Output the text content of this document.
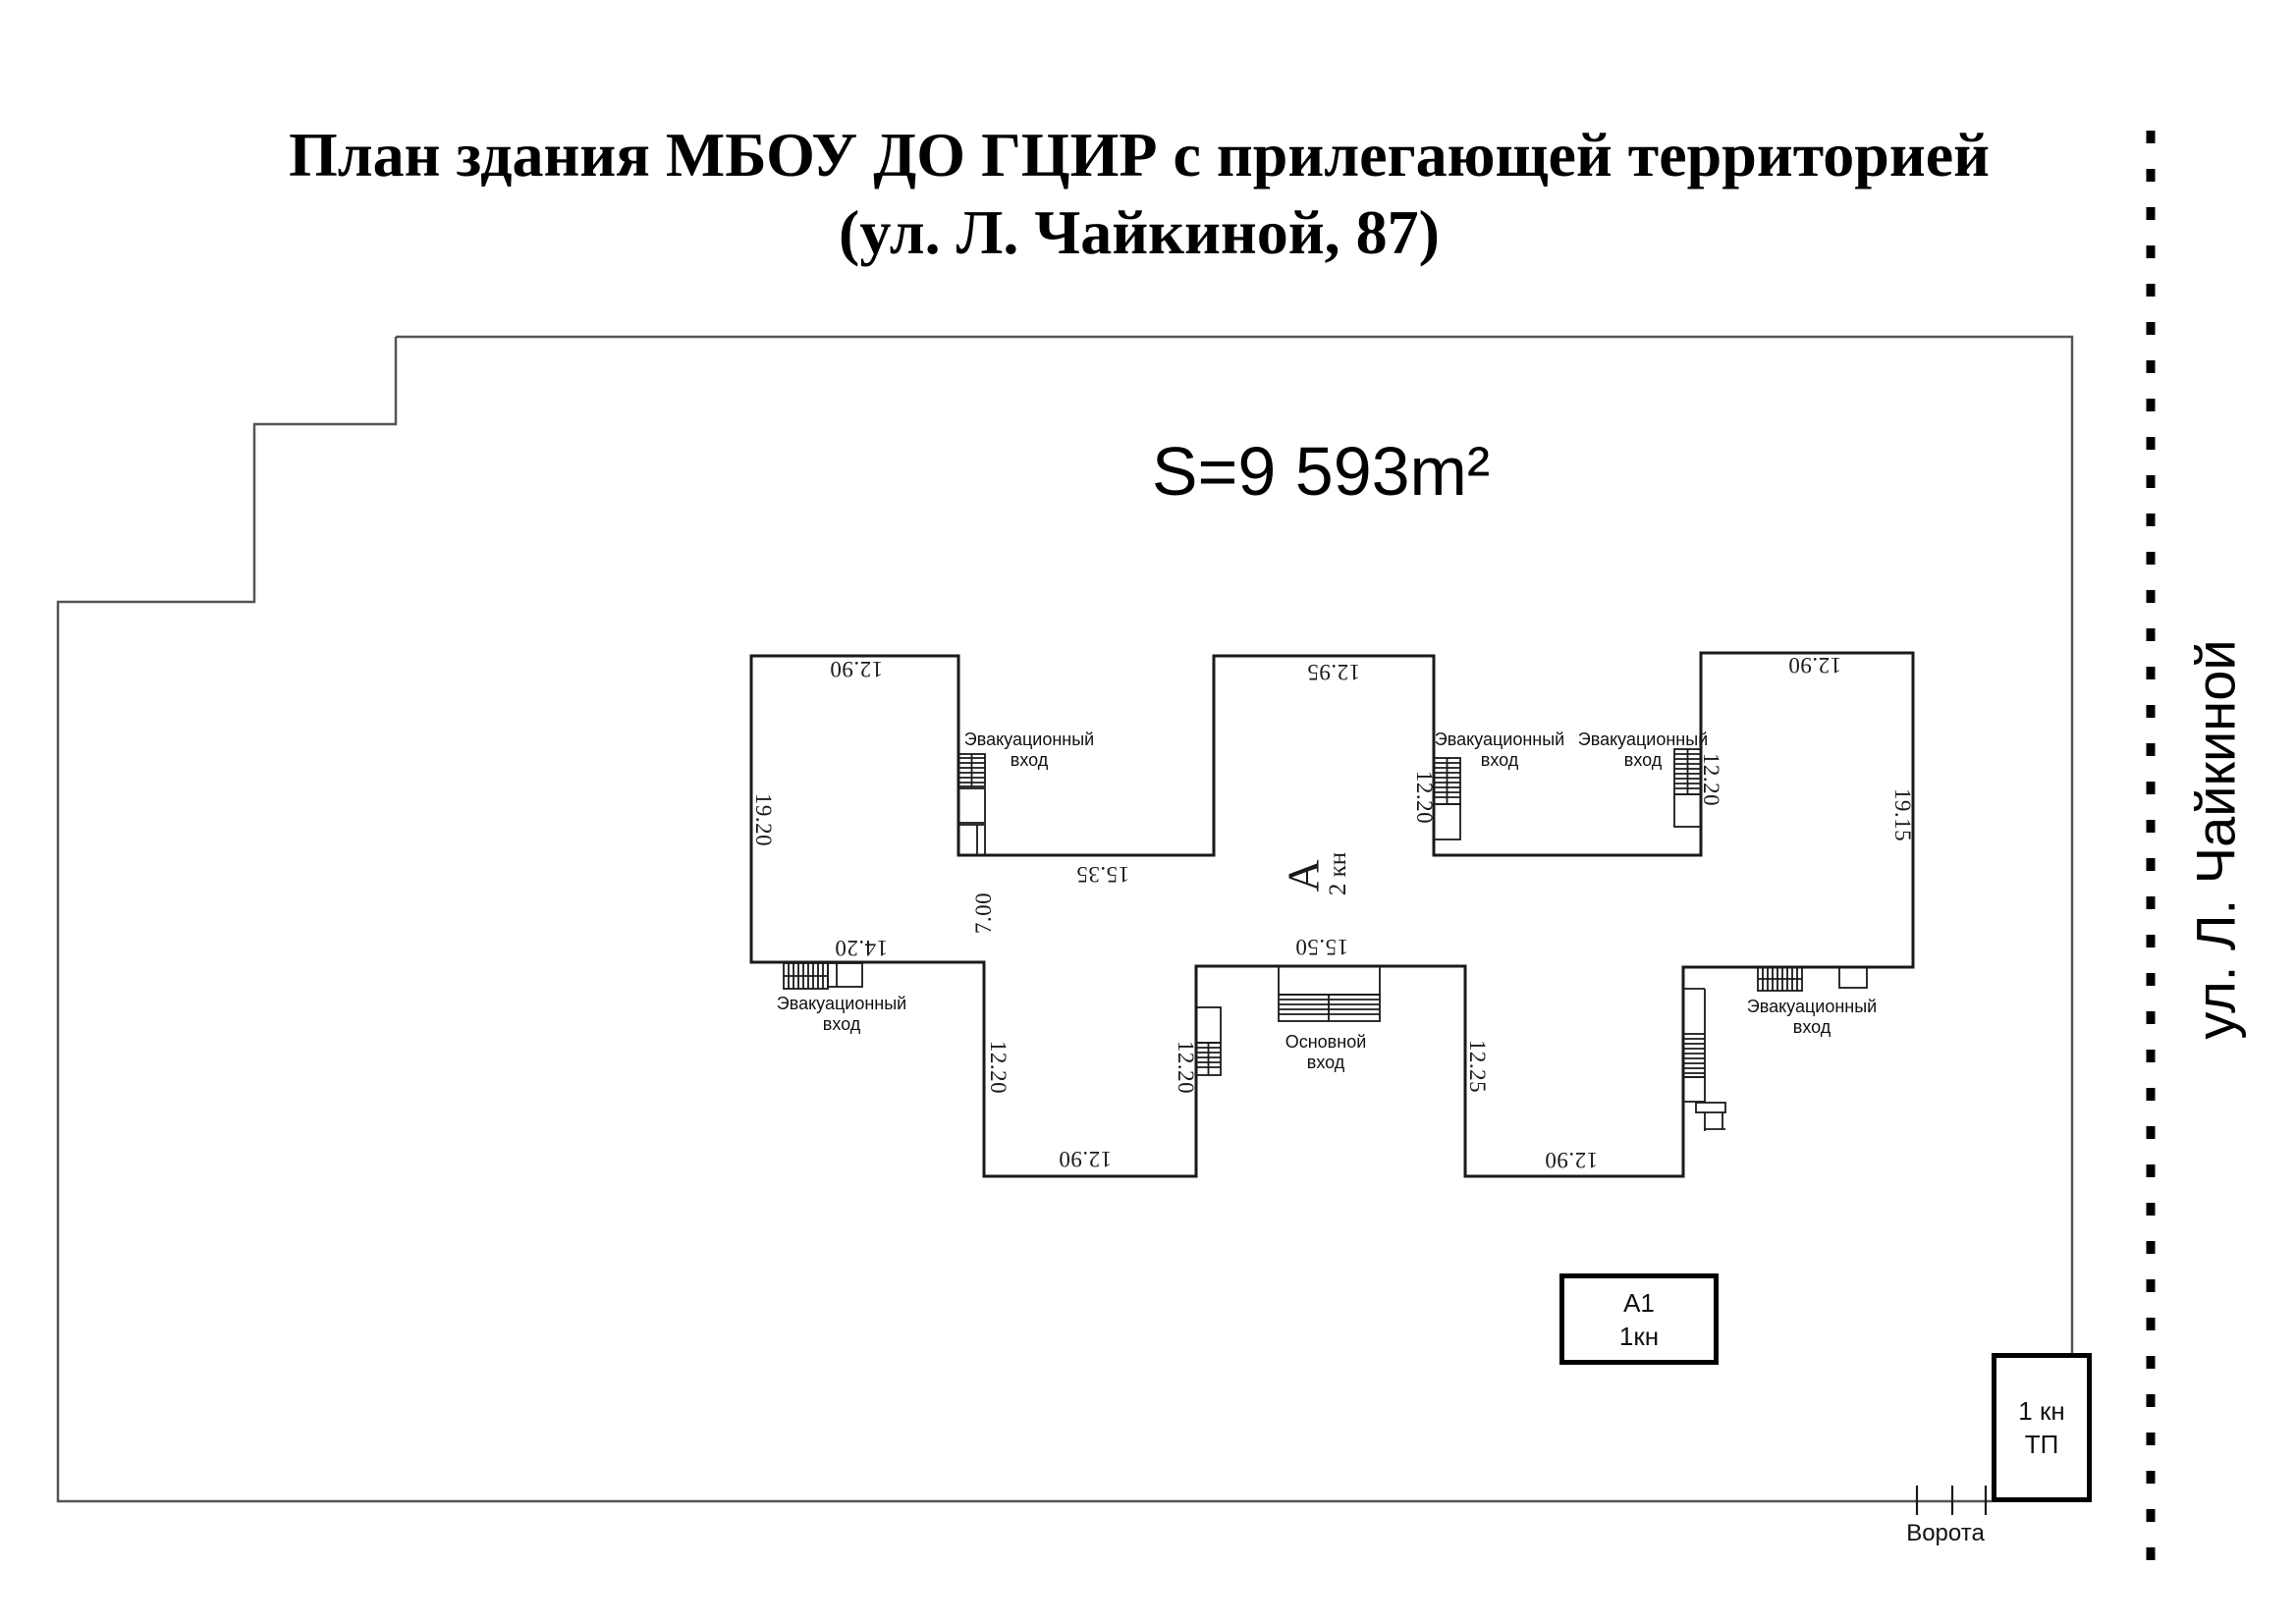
План здания МБОУ ДО ГЦИР с прилегающей территорией
(ул. Л. Чайкиной, 87)
S=9 593m²
ул. Л. Чайкиной
Ворота
А
2 кн
12.90	12.95	12.90
19.20	19.15
15.35
7.00
14.20
12.20	12.20
12.20	12.20	12.25
15.50
12.90	12.90
Эвакуационный
вход
Эвакуационный
вход
Эвакуационный
вход
Эвакуационный
вход
Эвакуационный
вход
Основной
вход
А1
1кн
1 кн
ТП
